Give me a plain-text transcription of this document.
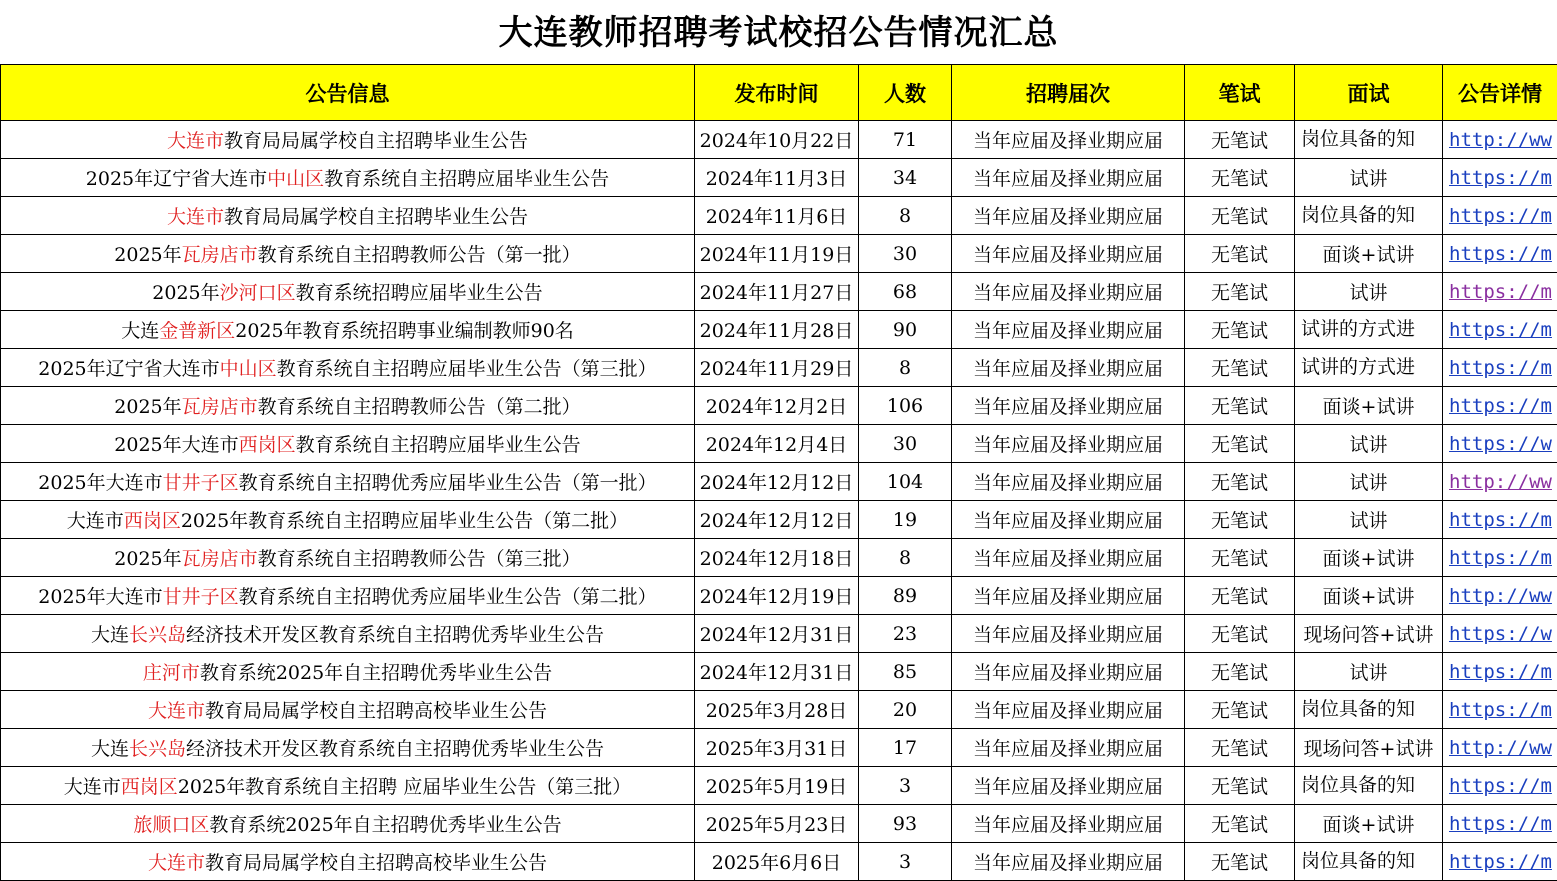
大连教师招聘考试校招公告情况汇总
公告信息	发布时间	人数	招聘届次	笔试	面试	公告详情
大连市教育局局属学校自主招聘毕业生公告	2024年10月22日	71	当年应届及择业期应届	无笔试	岗位具备的知	http://ww
2025年辽宁省大连市中山区教育系统自主招聘应届毕业生公告	2024年11月3日	34	当年应届及择业期应届	无笔试	试讲	https://m
大连市教育局局属学校自主招聘毕业生公告	2024年11月6日	8	当年应届及择业期应届	无笔试	岗位具备的知	https://m
2025年瓦房店市教育系统自主招聘教师公告（第一批）	2024年11月19日	30	当年应届及择业期应届	无笔试	面谈+试讲	https://m
2025年沙河口区教育系统招聘应届毕业生公告	2024年11月27日	68	当年应届及择业期应届	无笔试	试讲	https://m
大连金普新区2025年教育系统招聘事业编制教师90名	2024年11月28日	90	当年应届及择业期应届	无笔试	试讲的方式进	https://m
2025年辽宁省大连市中山区教育系统自主招聘应届毕业生公告（第三批）	2024年11月29日	8	当年应届及择业期应届	无笔试	试讲的方式进	https://m
2025年瓦房店市教育系统自主招聘教师公告（第二批）	2024年12月2日	106	当年应届及择业期应届	无笔试	面谈+试讲	https://m
2025年大连市西岗区教育系统自主招聘应届毕业生公告	2024年12月4日	30	当年应届及择业期应届	无笔试	试讲	https://w
2025年大连市甘井子区教育系统自主招聘优秀应届毕业生公告（第一批）	2024年12月12日	104	当年应届及择业期应届	无笔试	试讲	http://ww
大连市西岗区2025年教育系统自主招聘应届毕业生公告（第二批）	2024年12月12日	19	当年应届及择业期应届	无笔试	试讲	https://m
2025年瓦房店市教育系统自主招聘教师公告（第三批）	2024年12月18日	8	当年应届及择业期应届	无笔试	面谈+试讲	https://m
2025年大连市甘井子区教育系统自主招聘优秀应届毕业生公告（第二批）	2024年12月19日	89	当年应届及择业期应届	无笔试	面谈+试讲	http://ww
大连长兴岛经济技术开发区教育系统自主招聘优秀毕业生公告	2024年12月31日	23	当年应届及择业期应届	无笔试	现场问答+试讲	https://w
庄河市教育系统2025年自主招聘优秀毕业生公告	2024年12月31日	85	当年应届及择业期应届	无笔试	试讲	https://m
大连市教育局局属学校自主招聘高校毕业生公告	2025年3月28日	20	当年应届及择业期应届	无笔试	岗位具备的知	https://m
大连长兴岛经济技术开发区教育系统自主招聘优秀毕业生公告	2025年3月31日	17	当年应届及择业期应届	无笔试	现场问答+试讲	http://ww
大连市西岗区2025年教育系统自主招聘 应届毕业生公告（第三批）	2025年5月19日	3	当年应届及择业期应届	无笔试	岗位具备的知	https://m
旅顺口区教育系统2025年自主招聘优秀毕业生公告	2025年5月23日	93	当年应届及择业期应届	无笔试	面谈+试讲	https://m
大连市教育局局属学校自主招聘高校毕业生公告	2025年6月6日	3	当年应届及择业期应届	无笔试	岗位具备的知	https://m
